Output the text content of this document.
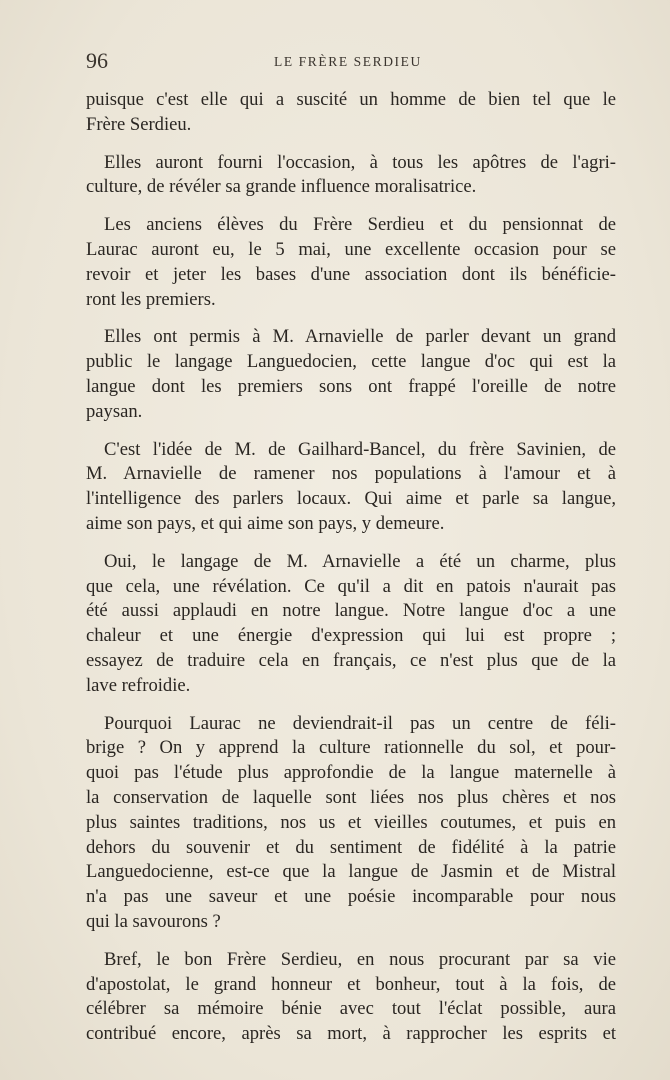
96	LE FRÈRE SERDIEU

puisque c'est elle qui a suscité un homme de bien tel que le
Frère Serdieu.

Elles auront fourni l'occasion, à tous les apôtres de l'agri-
culture, de révéler sa grande influence moralisatrice.

Les anciens élèves du Frère Serdieu et du pensionnat de
Laurac auront eu, le 5 mai, une excellente occasion pour se
revoir et jeter les bases d'une association dont ils bénéficie-
ront les premiers.

Elles ont permis à M. Arnavielle de parler devant un grand
public le langage Languedocien, cette langue d'oc qui est la
langue dont les premiers sons ont frappé l'oreille de notre
paysan.

C'est l'idée de M. de Gailhard-Bancel, du frère Savinien, de
M. Arnavielle de ramener nos populations à l'amour et à
l'intelligence des parlers locaux. Qui aime et parle sa langue,
aime son pays, et qui aime son pays, y demeure.

Oui, le langage de M. Arnavielle a été un charme, plus
que cela, une révélation. Ce qu'il a dit en patois n'aurait pas
été aussi applaudi en notre langue. Notre langue d'oc a une
chaleur et une énergie d'expression qui lui est propre ;
essayez de traduire cela en français, ce n'est plus que de la
lave refroidie.

Pourquoi Laurac ne deviendrait-il pas un centre de féli-
brige ? On y apprend la culture rationnelle du sol, et pour-
quoi pas l'étude plus approfondie de la langue maternelle à
la conservation de laquelle sont liées nos plus chères et nos
plus saintes traditions, nos us et vieilles coutumes, et puis en
dehors du souvenir et du sentiment de fidélité à la patrie
Languedocienne, est-ce que la langue de Jasmin et de Mistral
n'a pas une saveur et une poésie incomparable pour nous
qui la savourons ?

Bref, le bon Frère Serdieu, en nous procurant par sa vie
d'apostolat, le grand honneur et bonheur, tout à la fois, de
célébrer sa mémoire bénie avec tout l'éclat possible, aura
contribué encore, après sa mort, à rapprocher les esprits et
